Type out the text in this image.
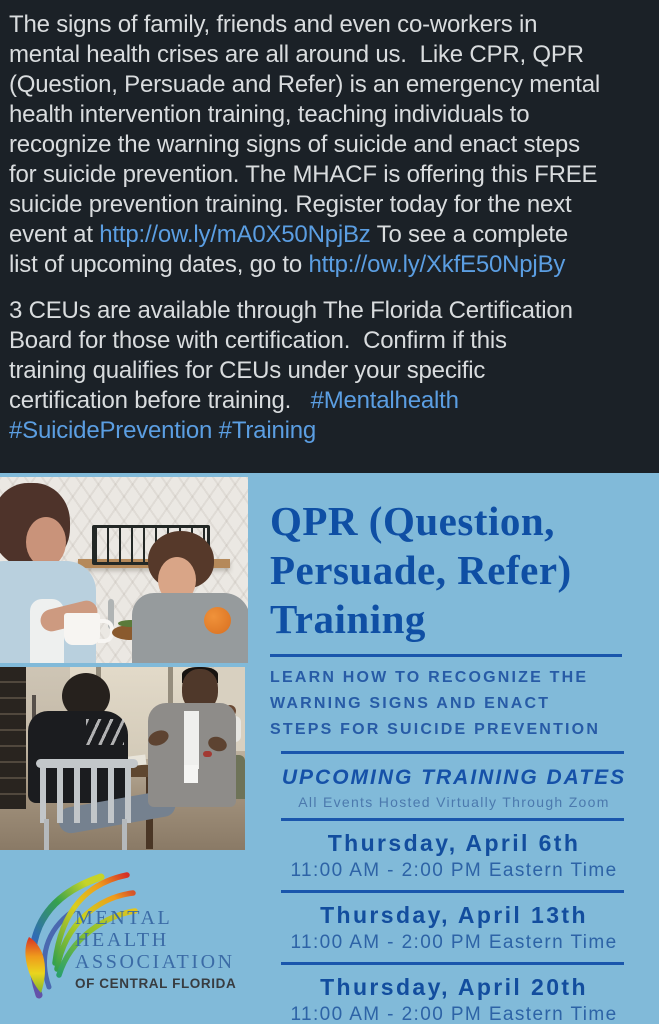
The signs of family, friends and even co-workers in
mental health crises are all around us.  Like CPR, QPR
(Question, Persuade and Refer) is an emergency mental
health intervention training, teaching individuals to
recognize the warning signs of suicide and enact steps
for suicide prevention. The MHACF is offering this FREE
suicide prevention training. Register today for the next
event at http://ow.ly/mA0X50NpjBz To see a complete
list of upcoming dates, go to http://ow.ly/XkfE50NpjBy
3 CEUs are available through The Florida Certification
Board for those with certification.  Confirm if this
training qualifies for CEUs under your specific
certification before training.   #Mentalhealth
#SuicidePrevention #Training
MENTAL
HEALTH
ASSOCIATION
OF CENTRAL FLORIDA
QPR (Question,
Persuade, Refer)
Training
LEARN HOW TO RECOGNIZE THE
WARNING SIGNS AND ENACT
STEPS FOR SUICIDE PREVENTION
UPCOMING TRAINING DATES
All Events Hosted Virtually Through Zoom
Thursday, April 6th
11:00 AM - 2:00 PM Eastern Time
Thursday, April 13th
11:00 AM - 2:00 PM Eastern Time
Thursday, April 20th
11:00 AM - 2:00 PM Eastern Time
